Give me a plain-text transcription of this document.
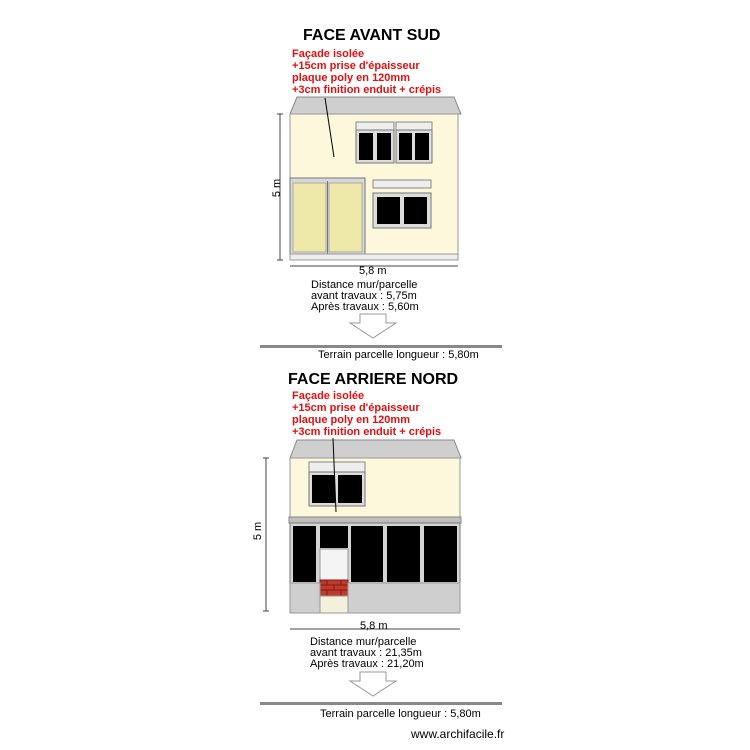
FACE AVANT SUD
Façade isolée
+15cm prise d'épaisseur
plaque poly en 120mm
+3cm finition enduit + crépis
5 m
5,8 m
Distance mur/parcelle
avant travaux : 5,75m
Après travaux : 5,60m
Terrain parcelle longueur : 5,80m
FACE ARRIERE NORD
Façade isolée
+15cm prise d'épaisseur
plaque poly en 120mm
+3cm finition enduit + crépis
5 m
5,8 m
Distance mur/parcelle
avant travaux : 21,35m
Après travaux : 21,20m
Terrain parcelle longueur : 5,80m
www.archifacile.fr
